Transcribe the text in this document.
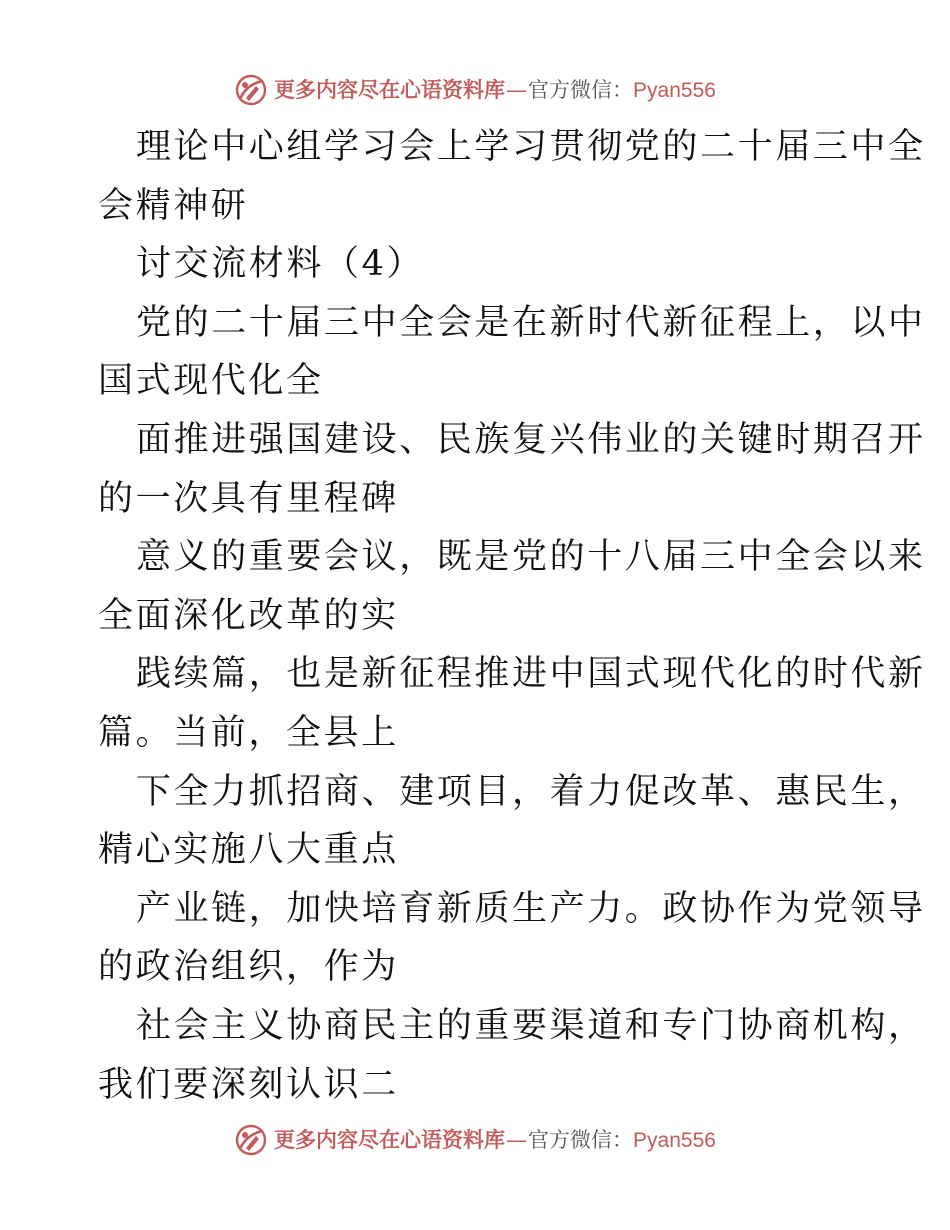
更多内容尽在心语资料库 — 官方微信： Pyan556
理论中心组学习会上学习贯彻党的二十届三中全
会精神研
讨交流材料（4）
党的二十届三中全会是在新时代新征程上，以中
国式现代化全
面推进强国建设、民族复兴伟业的关键时期召开
的一次具有里程碑
意义的重要会议，既是党的十八届三中全会以来
全面深化改革的实
践续篇，也是新征程推进中国式现代化的时代新
篇。当前，全县上
下全力抓招商、建项目，着力促改革、惠民生，
精心实施八大重点
产业链，加快培育新质生产力。政协作为党领导
的政治组织，作为
社会主义协商民主的重要渠道和专门协商机构，
我们要深刻认识二
更多内容尽在心语资料库 — 官方微信： Pyan556
